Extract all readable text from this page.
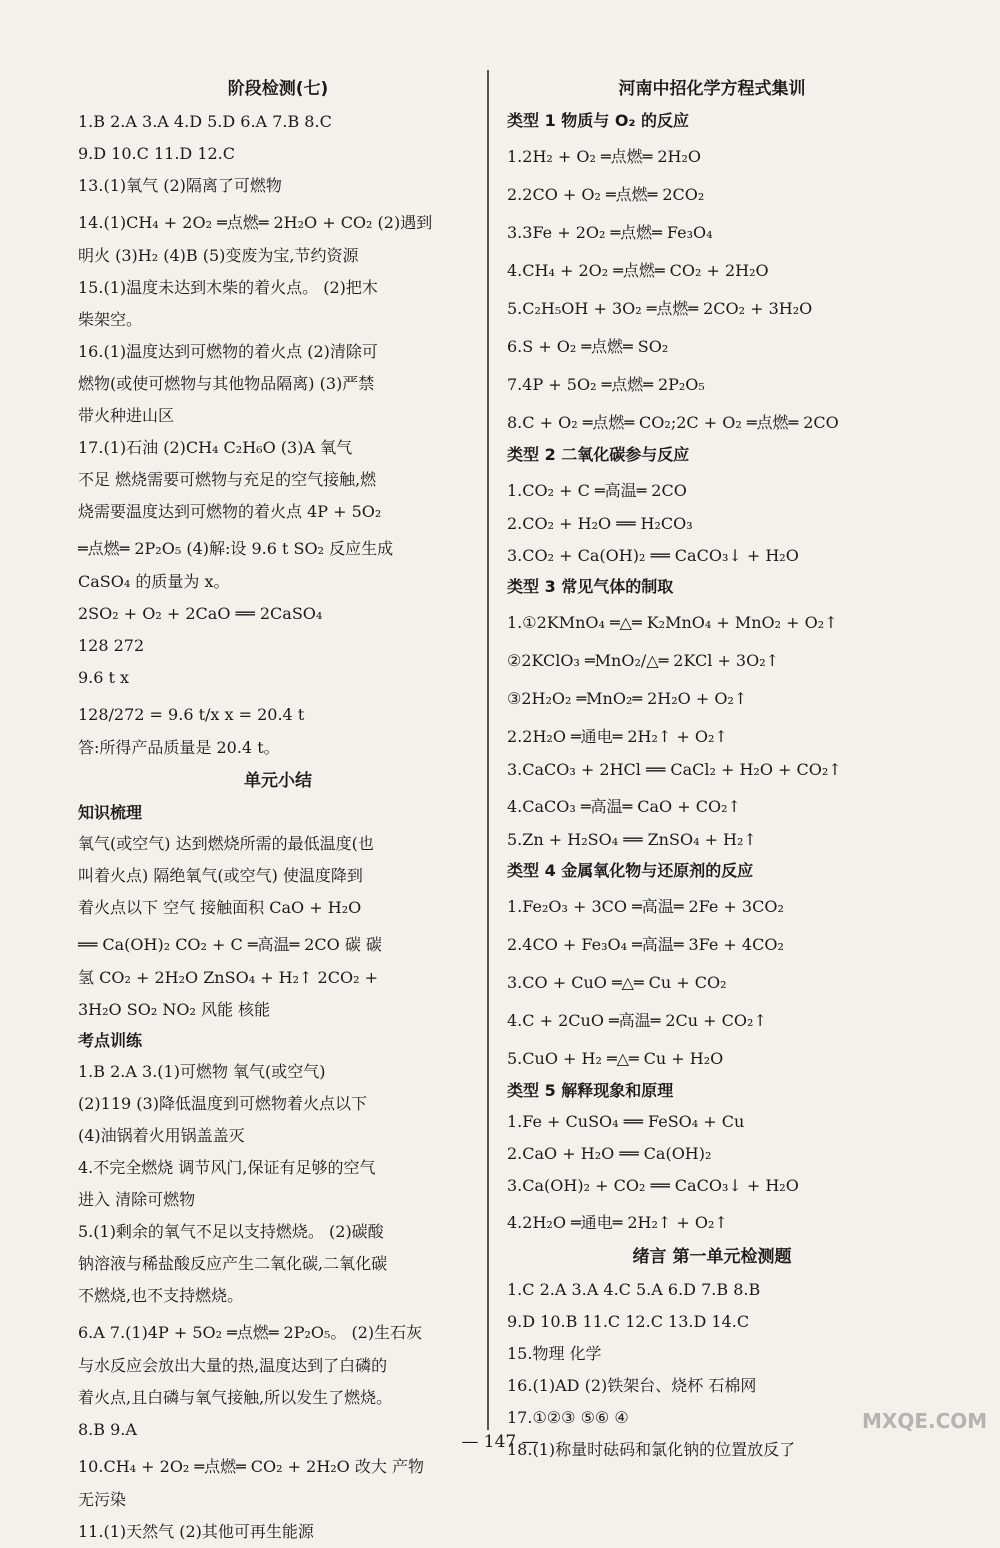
阶段检测(七)
1.B 2.A 3.A 4.D 5.D 6.A 7.B 8.C
9.D 10.C 11.D 12.C
13.(1)氧气 (2)隔离了可燃物
14.(1)CH₄ + 2O₂ ═点燃═ 2H₂O + CO₂ (2)遇到
明火 (3)H₂ (4)B (5)变废为宝,节约资源
15.(1)温度未达到木柴的着火点。 (2)把木
柴架空。
16.(1)温度达到可燃物的着火点 (2)清除可
燃物(或使可燃物与其他物品隔离) (3)严禁
带火种进山区
17.(1)石油 (2)CH₄ C₂H₆O (3)A 氧气
不足 燃烧需要可燃物与充足的空气接触,燃
烧需要温度达到可燃物的着火点 4P + 5O₂
═点燃═ 2P₂O₅ (4)解:设 9.6 t SO₂ 反应生成
CaSO₄ 的质量为 x。
2SO₂ + O₂ + 2CaO ══ 2CaSO₄
128 272
9.6 t x
128/272 = 9.6 t/x x = 20.4 t
答:所得产品质量是 20.4 t。
单元小结
知识梳理
氧气(或空气) 达到燃烧所需的最低温度(也
叫着火点) 隔绝氧气(或空气) 使温度降到
着火点以下 空气 接触面积 CaO + H₂O
══ Ca(OH)₂ CO₂ + C ═高温═ 2CO 碳 碳
氢 CO₂ + 2H₂O ZnSO₄ + H₂↑ 2CO₂ +
3H₂O SO₂ NO₂ 风能 核能
考点训练
1.B 2.A 3.(1)可燃物 氧气(或空气)
(2)119 (3)降低温度到可燃物着火点以下
(4)油锅着火用锅盖盖灭
4.不完全燃烧 调节风门,保证有足够的空气
进入 清除可燃物
5.(1)剩余的氧气不足以支持燃烧。 (2)碳酸
钠溶液与稀盐酸反应产生二氧化碳,二氧化碳
不燃烧,也不支持燃烧。
6.A 7.(1)4P + 5O₂ ═点燃═ 2P₂O₅。 (2)生石灰
与水反应会放出大量的热,温度达到了白磷的
着火点,且白磷与氧气接触,所以发生了燃烧。
8.B 9.A
10.CH₄ + 2O₂ ═点燃═ CO₂ + 2H₂O 改大 产物
无污染
11.(1)天然气 (2)其他可再生能源
河南中招化学方程式集训
类型 1 物质与 O₂ 的反应
1.2H₂ + O₂ ═点燃═ 2H₂O
2.2CO + O₂ ═点燃═ 2CO₂
3.3Fe + 2O₂ ═点燃═ Fe₃O₄
4.CH₄ + 2O₂ ═点燃═ CO₂ + 2H₂O
5.C₂H₅OH + 3O₂ ═点燃═ 2CO₂ + 3H₂O
6.S + O₂ ═点燃═ SO₂
7.4P + 5O₂ ═点燃═ 2P₂O₅
8.C + O₂ ═点燃═ CO₂;2C + O₂ ═点燃═ 2CO
类型 2 二氧化碳参与反应
1.CO₂ + C ═高温═ 2CO
2.CO₂ + H₂O ══ H₂CO₃
3.CO₂ + Ca(OH)₂ ══ CaCO₃↓ + H₂O
类型 3 常见气体的制取
1.①2KMnO₄ ═△═ K₂MnO₄ + MnO₂ + O₂↑
②2KClO₃ ═MnO₂/△═ 2KCl + 3O₂↑
③2H₂O₂ ═MnO₂═ 2H₂O + O₂↑
2.2H₂O ═通电═ 2H₂↑ + O₂↑
3.CaCO₃ + 2HCl ══ CaCl₂ + H₂O + CO₂↑
4.CaCO₃ ═高温═ CaO + CO₂↑
5.Zn + H₂SO₄ ══ ZnSO₄ + H₂↑
类型 4 金属氧化物与还原剂的反应
1.Fe₂O₃ + 3CO ═高温═ 2Fe + 3CO₂
2.4CO + Fe₃O₄ ═高温═ 3Fe + 4CO₂
3.CO + CuO ═△═ Cu + CO₂
4.C + 2CuO ═高温═ 2Cu + CO₂↑
5.CuO + H₂ ═△═ Cu + H₂O
类型 5 解释现象和原理
1.Fe + CuSO₄ ══ FeSO₄ + Cu
2.CaO + H₂O ══ Ca(OH)₂
3.Ca(OH)₂ + CO₂ ══ CaCO₃↓ + H₂O
4.2H₂O ═通电═ 2H₂↑ + O₂↑
绪言 第一单元检测题
1.C 2.A 3.A 4.C 5.A 6.D 7.B 8.B
9.D 10.B 11.C 12.C 13.D 14.C
15.物理 化学
16.(1)AD (2)铁架台、烧杯 石棉网
17.①②③ ⑤⑥ ④
18.(1)称量时砝码和氯化钠的位置放反了
— 147 —
MXQE.COM
